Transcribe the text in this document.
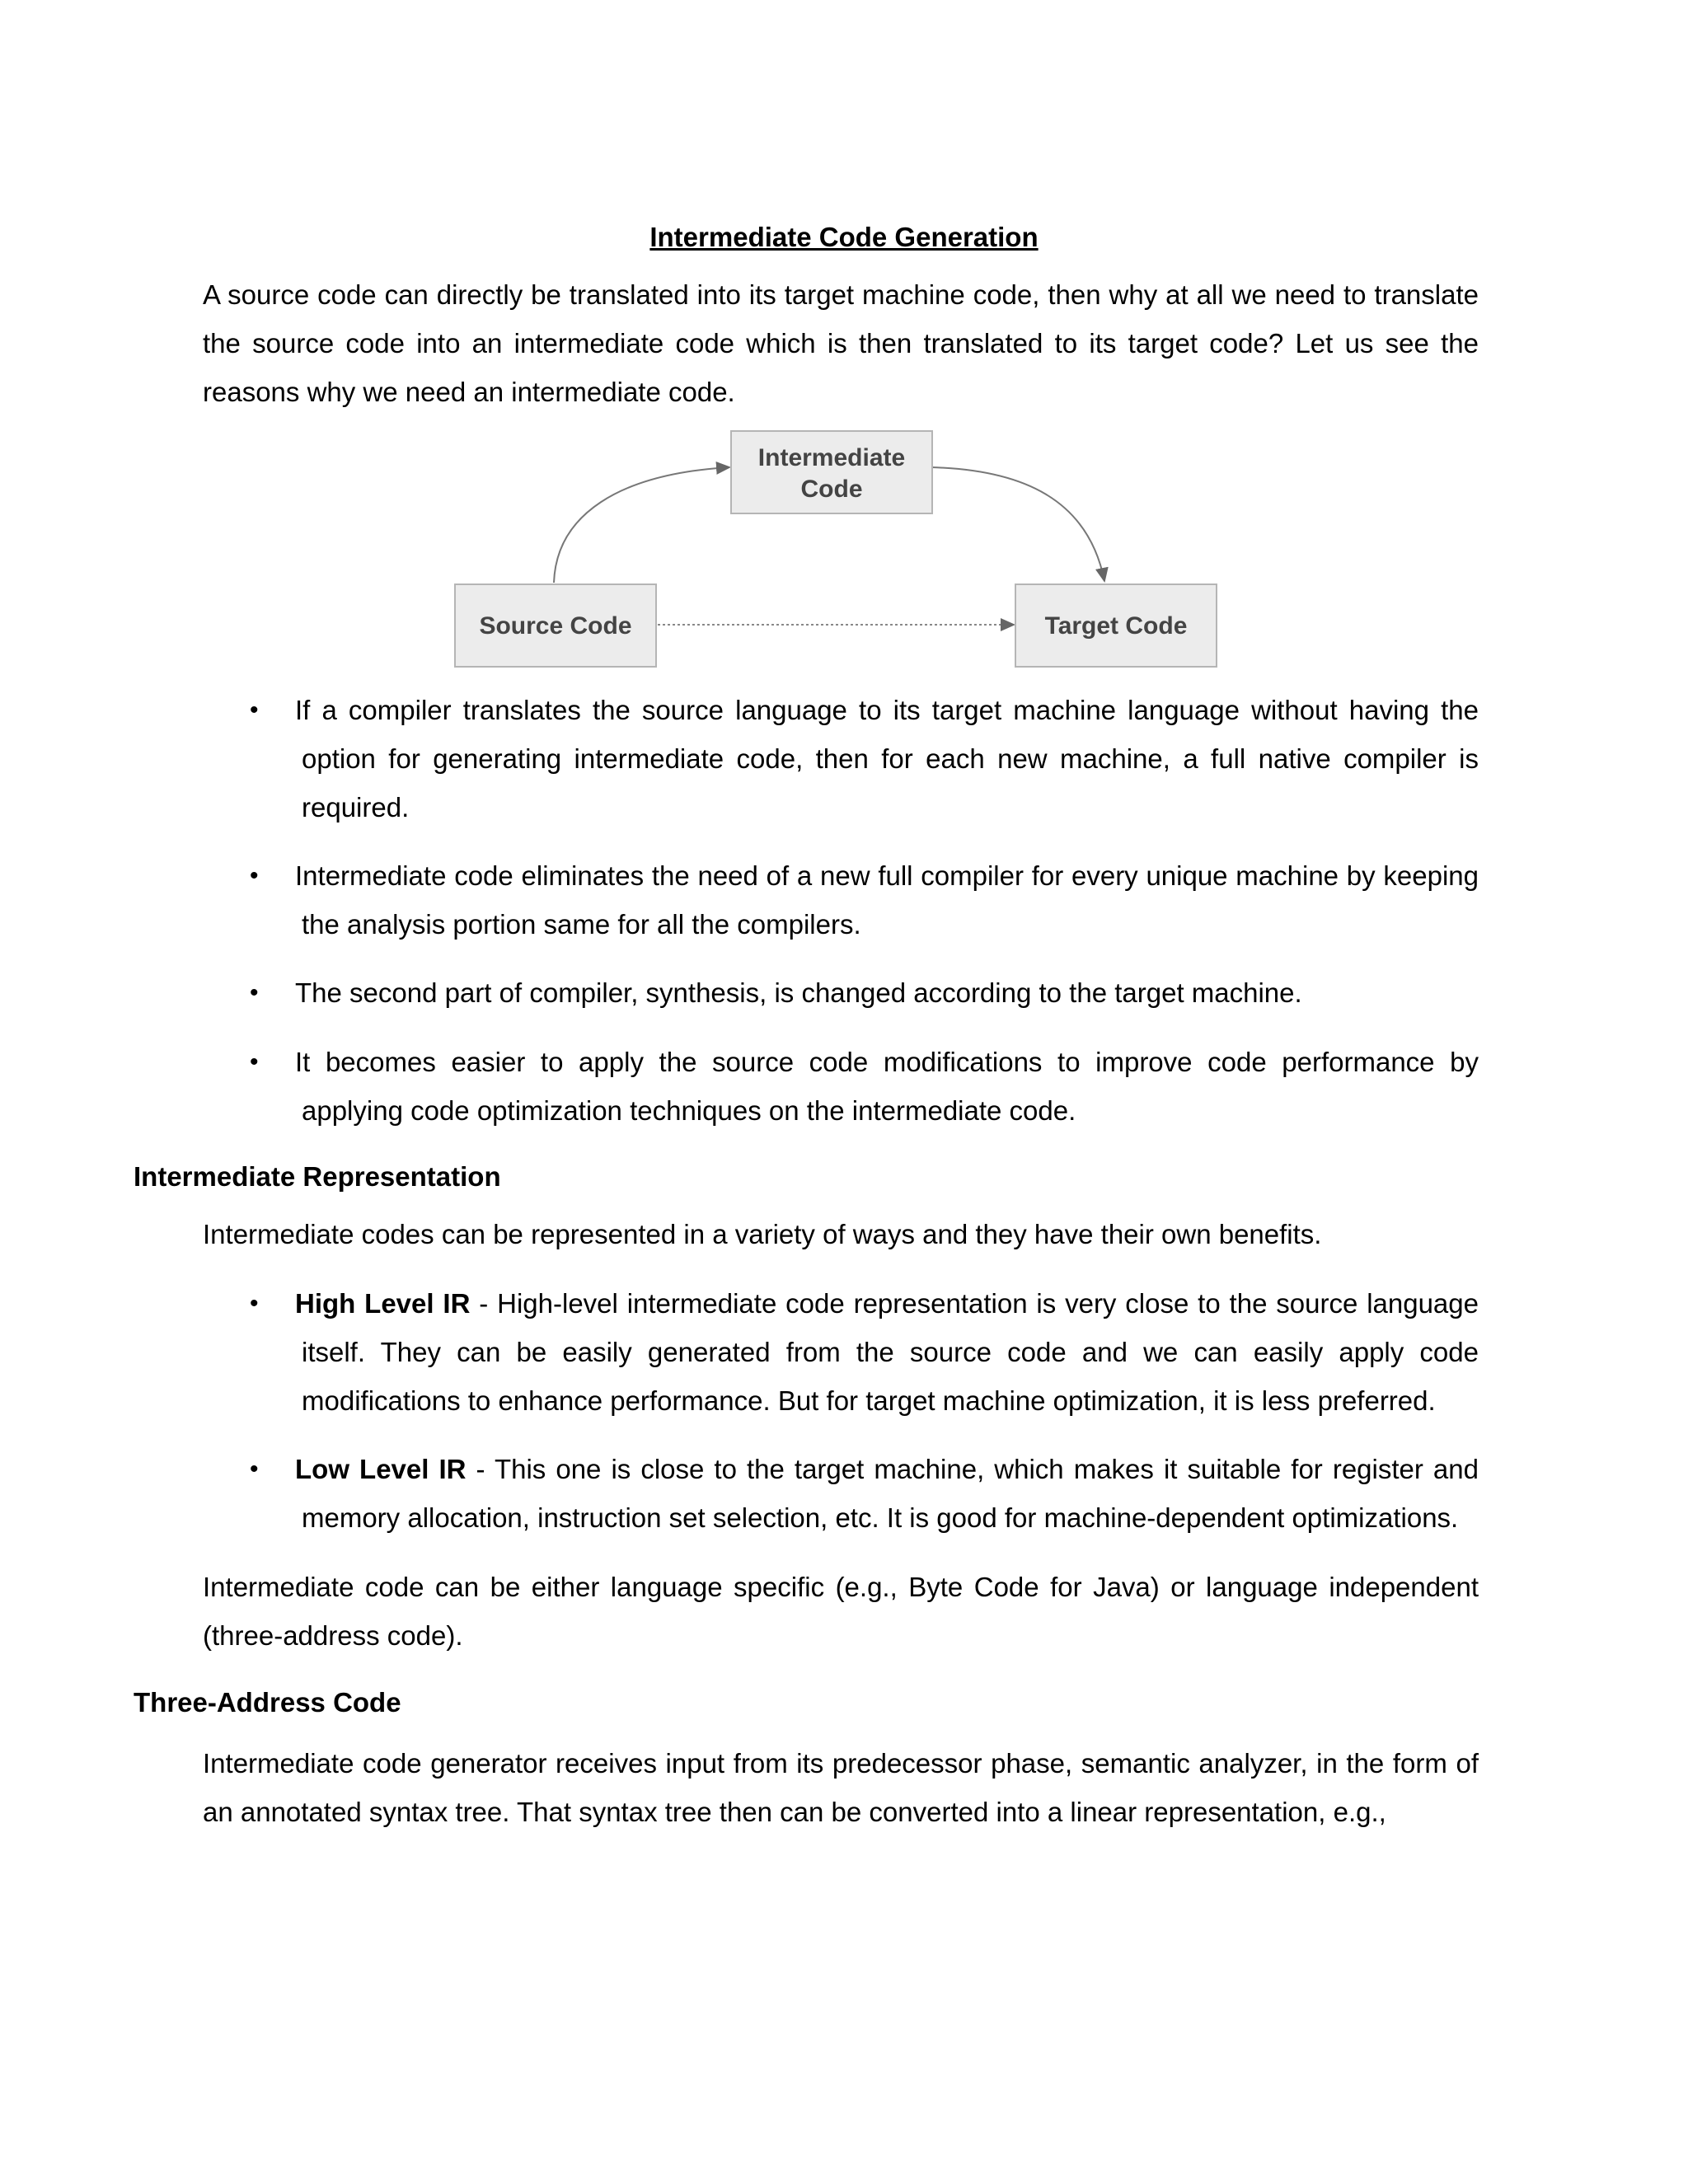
Intermediate Code Generation
A source code can directly be translated into its target machine code, then why at all we need to translate the source code into an intermediate code which is then translated to its target code? Let us see the reasons why we need an intermediate code.
Intermediate
Code
Source Code	Target Code
• If a compiler translates the source language to its target machine language without having the option for generating intermediate code, then for each new machine, a full native compiler is required.
• Intermediate code eliminates the need of a new full compiler for every unique machine by keeping the analysis portion same for all the compilers.
• The second part of compiler, synthesis, is changed according to the target machine.
• It becomes easier to apply the source code modifications to improve code performance by applying code optimization techniques on the intermediate code.
Intermediate Representation
Intermediate codes can be represented in a variety of ways and they have their own benefits.
• High Level IR - High-level intermediate code representation is very close to the source language itself. They can be easily generated from the source code and we can easily apply code modifications to enhance performance. But for target machine optimization, it is less preferred.
• Low Level IR - This one is close to the target machine, which makes it suitable for register and memory allocation, instruction set selection, etc. It is good for machine-dependent optimizations.
Intermediate code can be either language specific (e.g., Byte Code for Java) or language independent (three-address code).
Three-Address Code
Intermediate code generator receives input from its predecessor phase, semantic analyzer, in the form of an annotated syntax tree. That syntax tree then can be converted into a linear representation, e.g.,
